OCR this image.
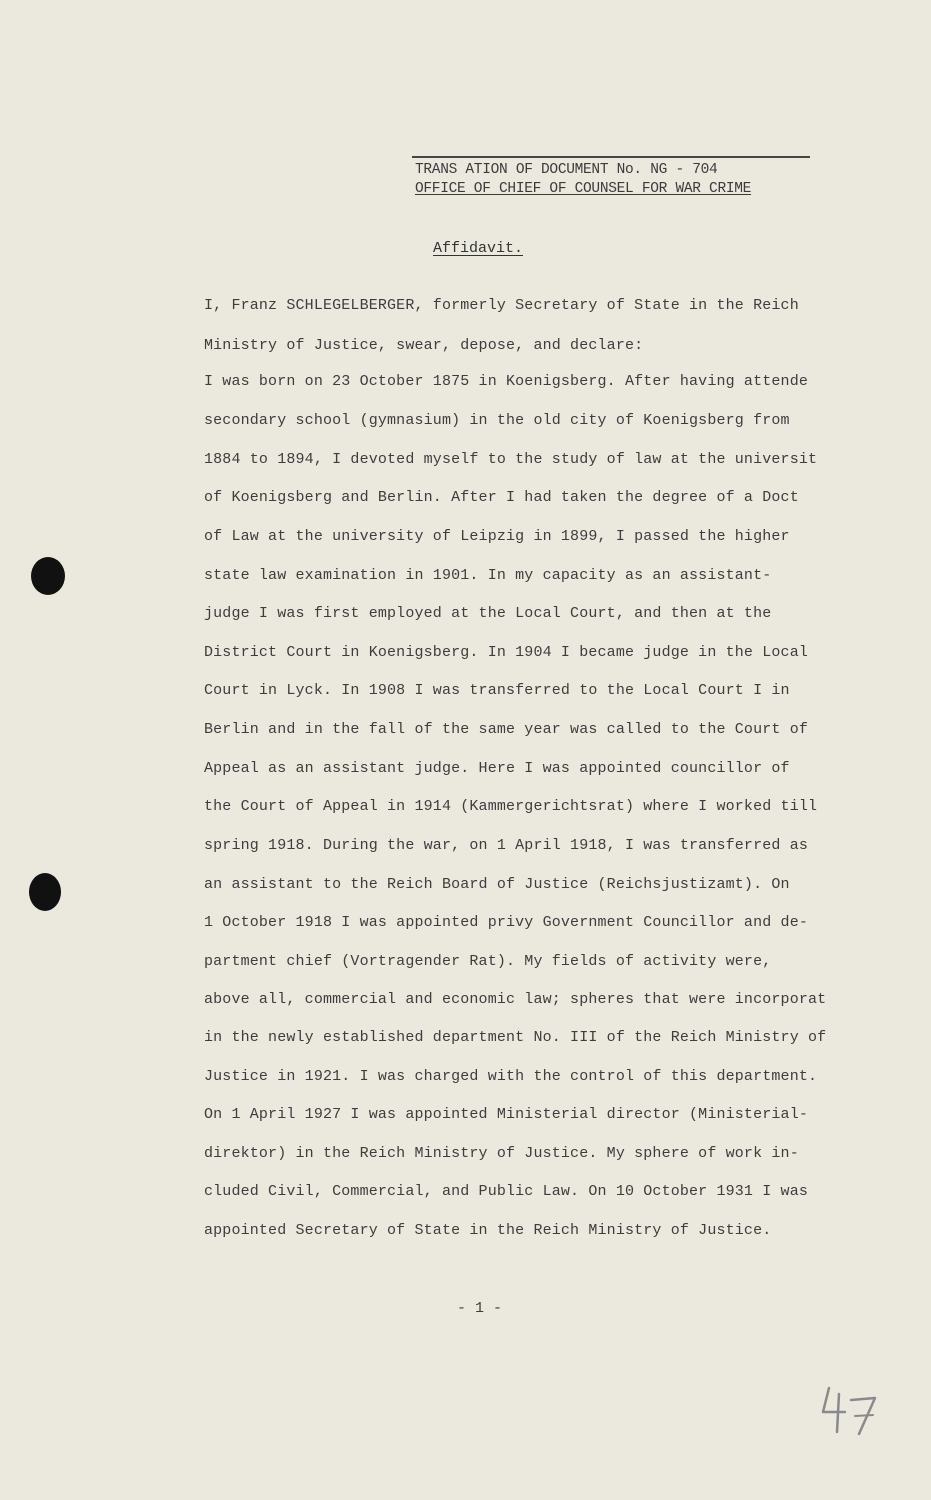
TRANS ATION OF DOCUMENT No. NG - 704
OFFICE OF CHIEF OF COUNSEL FOR WAR CRIME
Affidavit.
I, Franz SCHLEGELBERGER, formerly Secretary of State in the Reich
Ministry of Justice, swear, depose, and declare:
I was born on 23 October 1875 in Koenigsberg. After having attende
secondary school (gymnasium) in the old city of Koenigsberg from
1884 to 1894, I devoted myself to the study of law at the universit
of Koenigsberg and Berlin. After I had taken the degree of a Doct
of Law at the university of Leipzig in 1899, I passed the higher
state law examination in 1901. In my capacity as an assistant-
judge I was first employed at the Local Court, and then at the
District Court in Koenigsberg. In 1904 I became judge in the Local
Court in Lyck. In 1908 I was transferred to the Local Court I in
Berlin and in the fall of the same year was called to the Court of
Appeal as an assistant judge. Here I was appointed councillor of
the Court of Appeal in 1914 (Kammergerichtsrat) where I worked till
spring 1918. During the war, on 1 April 1918, I was transferred as
an assistant to the Reich Board of Justice (Reichsjustizamt). On
1 October 1918 I was appointed privy Government Councillor and de-
partment chief (Vortragender Rat). My fields of activity were,
above all, commercial and economic law; spheres that were incorporat
in the newly established department No. III of the Reich Ministry of
Justice in 1921. I was charged with the control of this department.
On 1 April 1927 I was appointed Ministerial director (Ministerial-
direktor) in the Reich Ministry of Justice. My sphere of work in-
cluded Civil, Commercial, and Public Law. On 10 October 1931 I was
appointed Secretary of State in the Reich Ministry of Justice.
- 1 -
